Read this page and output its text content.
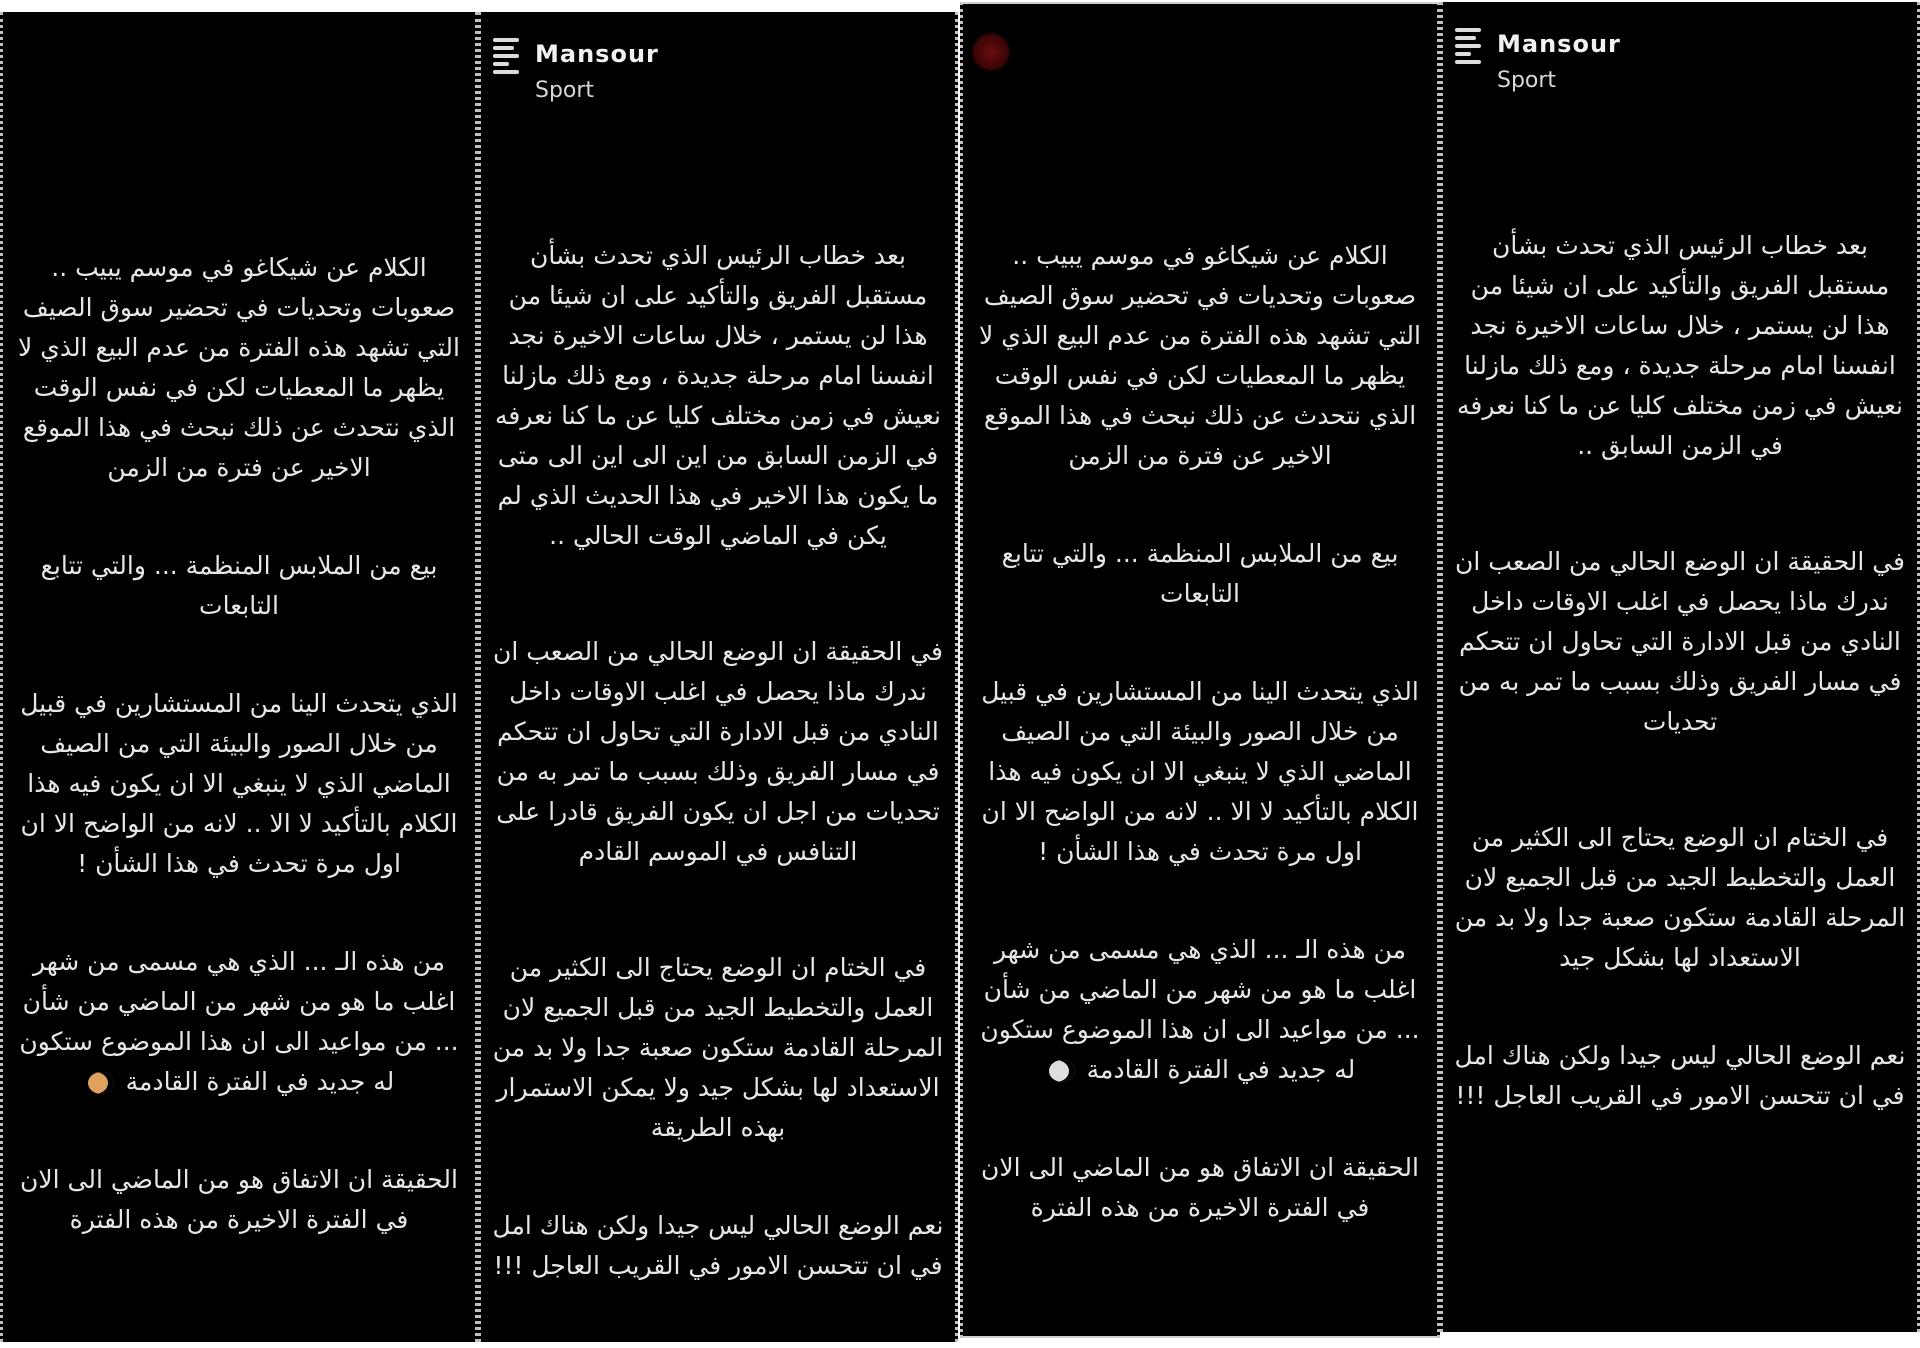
الكلام عن شيكاغو في موسم يبيب .. صعوبات وتحديات في تحضير سوق الصيف التي تشهد هذه الفترة من عدم البيع الذي لا يظهر ما المعطيات لكن في نفس الوقت الذي نتحدث عن ذلك نبحث في هذا الموقع الاخير عن فترة من الزمن

بيع من الملابس المنظمة ... والتي تتابع التابعات

الذي يتحدث الينا من المستشارين في قبيل من خلال الصور والبيئة التي من الصيف الماضي الذي لا ينبغي الا ان يكون فيه هذا الكلام بالتأكيد لا الا .. لانه من الواضح الا ان اول مرة تحدث في هذا الشأن !

من هذه الـ ... الذي هي مسمى من شهر اغلب ما هو من شهر من الماضي من شأن ... من مواعيد الى ان هذا الموضوع ستكون له جديد في الفترة القادمة

الحقيقة ان الاتفاق هو من الماضي الى الان في الفترة الاخيرة من هذه الفترة

Mansour
Sport

بعد خطاب الرئيس الذي تحدث بشأن مستقبل الفريق والتأكيد على ان شيئا من هذا لن يستمر ، خلال ساعات الاخيرة نجد انفسنا امام مرحلة جديدة ، ومع ذلك مازلنا نعيش في زمن مختلف كليا عن ما كنا نعرفه في الزمن السابق من اين الى اين الى متى ما يكون هذا الاخير في هذا الحديث الذي لم يكن في الماضي الوقت الحالي ..

في الحقيقة ان الوضع الحالي من الصعب ان ندرك ماذا يحصل في اغلب الاوقات داخل النادي من قبل الادارة التي تحاول ان تتحكم في مسار الفريق وذلك بسبب ما تمر به من تحديات من اجل ان يكون الفريق قادرا على التنافس في الموسم القادم

في الختام ان الوضع يحتاج الى الكثير من العمل والتخطيط الجيد من قبل الجميع لان المرحلة القادمة ستكون صعبة جدا ولا بد من الاستعداد لها بشكل جيد ولا يمكن الاستمرار بهذه الطريقة

نعم الوضع الحالي ليس جيدا ولكن هناك امل في ان تتحسن الامور في القريب العاجل !!!

الكلام عن شيكاغو في موسم يبيب .. صعوبات وتحديات في تحضير سوق الصيف التي تشهد هذه الفترة من عدم البيع الذي لا يظهر ما المعطيات لكن في نفس الوقت الذي نتحدث عن ذلك نبحث في هذا الموقع الاخير عن فترة من الزمن

بيع من الملابس المنظمة ... والتي تتابع التابعات

الذي يتحدث الينا من المستشارين في قبيل من خلال الصور والبيئة التي من الصيف الماضي الذي لا ينبغي الا ان يكون فيه هذا الكلام بالتأكيد لا الا .. لانه من الواضح الا ان اول مرة تحدث في هذا الشأن !

من هذه الـ ... الذي هي مسمى من شهر اغلب ما هو من شهر من الماضي من شأن ... من مواعيد الى ان هذا الموضوع ستكون له جديد في الفترة القادمة

الحقيقة ان الاتفاق هو من الماضي الى الان في الفترة الاخيرة من هذه الفترة

Mansour
Sport

بعد خطاب الرئيس الذي تحدث بشأن مستقبل الفريق والتأكيد على ان شيئا من هذا لن يستمر ، خلال ساعات الاخيرة نجد انفسنا امام مرحلة جديدة ، ومع ذلك مازلنا نعيش في زمن مختلف كليا عن ما كنا نعرفه في الزمن السابق ..

في الحقيقة ان الوضع الحالي من الصعب ان ندرك ماذا يحصل في اغلب الاوقات داخل النادي من قبل الادارة التي تحاول ان تتحكم في مسار الفريق وذلك بسبب ما تمر به من تحديات

في الختام ان الوضع يحتاج الى الكثير من العمل والتخطيط الجيد من قبل الجميع لان المرحلة القادمة ستكون صعبة جدا ولا بد من الاستعداد لها بشكل جيد

نعم الوضع الحالي ليس جيدا ولكن هناك امل في ان تتحسن الامور في القريب العاجل !!!
